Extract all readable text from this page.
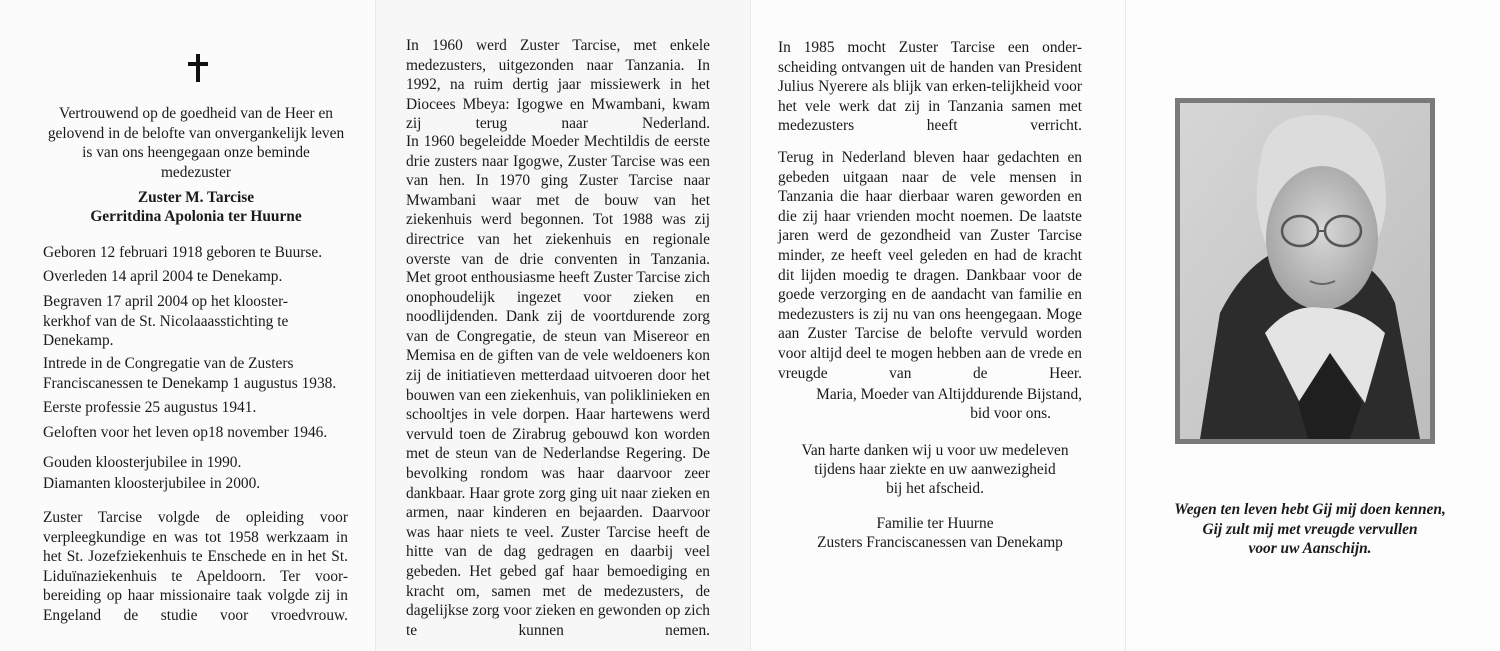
Vertrouwend op de goedheid van de Heer en gelovend in de belofte van onvergankelijk leven is van ons heengegaan onze beminde medezuster

Zuster M. Tarcise

Gerritdina Apolonia ter Huurne

Geboren 12 februari 1918 geboren te Buurse.

Overleden 14 april 2004 te Denekamp.

Begraven 17 april 2004 op het klooster-kerkhof van de St. Nicolaaasstichting te Denekamp.

Intrede in de Congregatie van de Zusters Franciscanessen te Denekamp 1 augustus 1938.

Eerste professie 25 augustus 1941.

Geloften voor het leven op18 november 1946.

Gouden kloosterjubilee in 1990.

Diamanten kloosterjubilee in 2000.

Zuster Tarcise volgde de opleiding voor verpleegkundige en was tot 1958 werkzaam in het St. Jozefziekenhuis te Enschede en in het St. Liduïnaziekenhuis te Apeldoorn. Ter voor-bereiding op haar missionaire taak volgde zij in Engeland de studie voor vroedvrouw.

In 1960 werd Zuster Tarcise, met enkele medezusters, uitgezonden naar Tanzania. In 1992, na ruim dertig jaar missiewerk in het Diocees Mbeya: Igogwe en Mwambani, kwam zij terug naar Nederland.

In 1960 begeleidde Moeder Mechtildis de eerste drie zusters naar Igogwe, Zuster Tarcise was een van hen. In 1970 ging Zuster Tarcise naar Mwambani waar met de bouw van het ziekenhuis werd begonnen. Tot 1988 was zij directrice van het ziekenhuis en regionale overste van de drie conventen in Tanzania.

Met groot enthousiasme heeft Zuster Tarcise zich onophoudelijk ingezet voor zieken en noodlijdenden. Dank zij de voortdurende zorg van de Congregatie, de steun van Misereor en Memisa en de giften van de vele weldoeners kon zij de initiatieven metterdaad uitvoeren door het bouwen van een ziekenhuis, van poliklinieken en schooltjes in vele dorpen. Haar hartewens werd vervuld toen de Zirabrug gebouwd kon worden met de steun van de Nederlandse Regering. De bevolking rondom was haar daarvoor zeer dankbaar. Haar grote zorg ging uit naar zieken en armen, naar kinderen en bejaarden. Daarvoor was haar niets te veel. Zuster Tarcise heeft de hitte van de dag gedragen en daarbij veel gebeden. Het gebed gaf haar bemoediging en kracht om, samen met de medezusters, de dagelijkse zorg voor zieken en gewonden op zich te kunnen nemen.

In 1985 mocht Zuster Tarcise een onder-scheiding ontvangen uit de handen van President Julius Nyerere als blijk van erken-telijkheid voor het vele werk dat zij in Tanzania samen met medezusters heeft verricht.

Terug in Nederland bleven haar gedachten en gebeden uitgaan naar de vele mensen in Tanzania die haar dierbaar waren geworden en die zij haar vrienden mocht noemen. De laatste jaren werd de gezondheid van Zuster Tarcise minder, ze heeft veel geleden en had de kracht dit lijden moedig te dragen. Dankbaar voor de goede verzorging en de aandacht van familie en medezusters is zij nu van ons heengegaan. Moge aan Zuster Tarcise de belofte vervuld worden voor altijd deel te mogen hebben aan de vrede en vreugde van de Heer.

Maria, Moeder van Altijddurende Bijstand,

bid voor ons.

Van harte danken wij u voor uw medeleven

tijdens haar ziekte en uw aanwezigheid

bij het afscheid.

Familie ter Huurne

Zusters Franciscanessen van Denekamp

Wegen ten leven hebt Gij mij doen kennen,
Gij zult mij met vreugde vervullen
voor uw Aanschijn.
